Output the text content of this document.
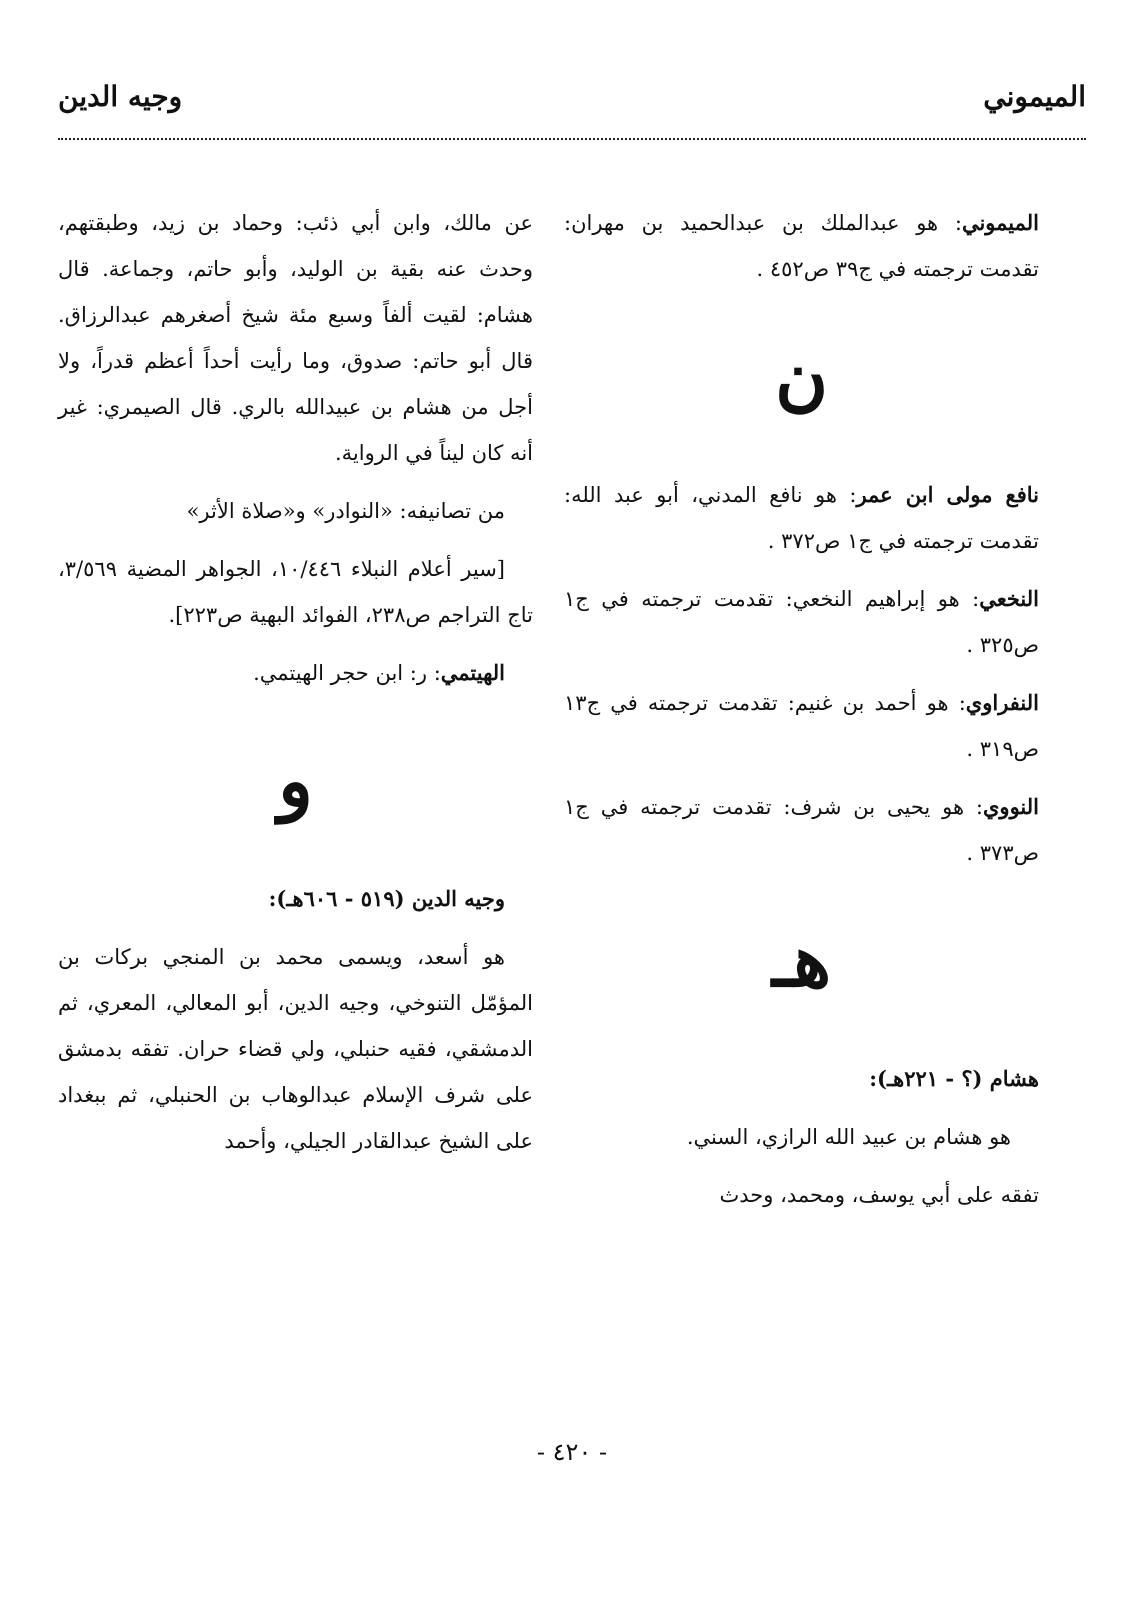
الميموني
وجيه الدين

الميموني: هو عبدالملك بن عبدالحميد بن مهران: تقدمت ترجمته في ج٣٩ ص٤٥٢ .

ن

نافع مولى ابن عمر: هو نافع المدني، أبو عبد الله: تقدمت ترجمته في ج١ ص٣٧٢ .

النخعي: هو إبراهيم النخعي: تقدمت ترجمته في ج١ ص٣٢٥ .

النفراوي: هو أحمد بن غنيم: تقدمت ترجمته في ج١٣ ص٣١٩ .

النووي: هو يحيى بن شرف: تقدمت ترجمته في ج١ ص٣٧٣ .

هـ

هشام (؟ - ٢٢١هـ):

هو هشام بن عبيد الله الرازي، السني.

تفقه على أبي يوسف، ومحمد، وحدث

عن مالك، وابن أبي ذئب: وحماد بن زيد، وطبقتهم، وحدث عنه بقية بن الوليد، وأبو حاتم، وجماعة. قال هشام: لقيت ألفاً وسبع مئة شيخ أصغرهم عبدالرزاق. قال أبو حاتم: صدوق، وما رأيت أحداً أعظم قدراً، ولا أجل من هشام بن عبيدالله بالري. قال الصيمري: غير أنه كان ليناً في الرواية.

من تصانيفه: «النوادر» و«صلاة الأثر»

[سير أعلام النبلاء ١٠/٤٤٦، الجواهر المضية ٣/٥٦٩، تاج التراجم ص٢٣٨، الفوائد البهية ص٢٢٣].

الهيتمي: ر: ابن حجر الهيتمي.

و

وجيه الدين (٥١٩ - ٦٠٦هـ):

هو أسعد، ويسمى محمد بن المنجي بركات بن المؤمّل التنوخي، وجيه الدين، أبو المعالي، المعري، ثم الدمشقي، فقيه حنبلي، ولي قضاء حران. تفقه بدمشق على شرف الإسلام عبدالوهاب بن الحنبلي، ثم ببغداد على الشيخ عبدالقادر الجيلي، وأحمد

- ٤٢٠ -
